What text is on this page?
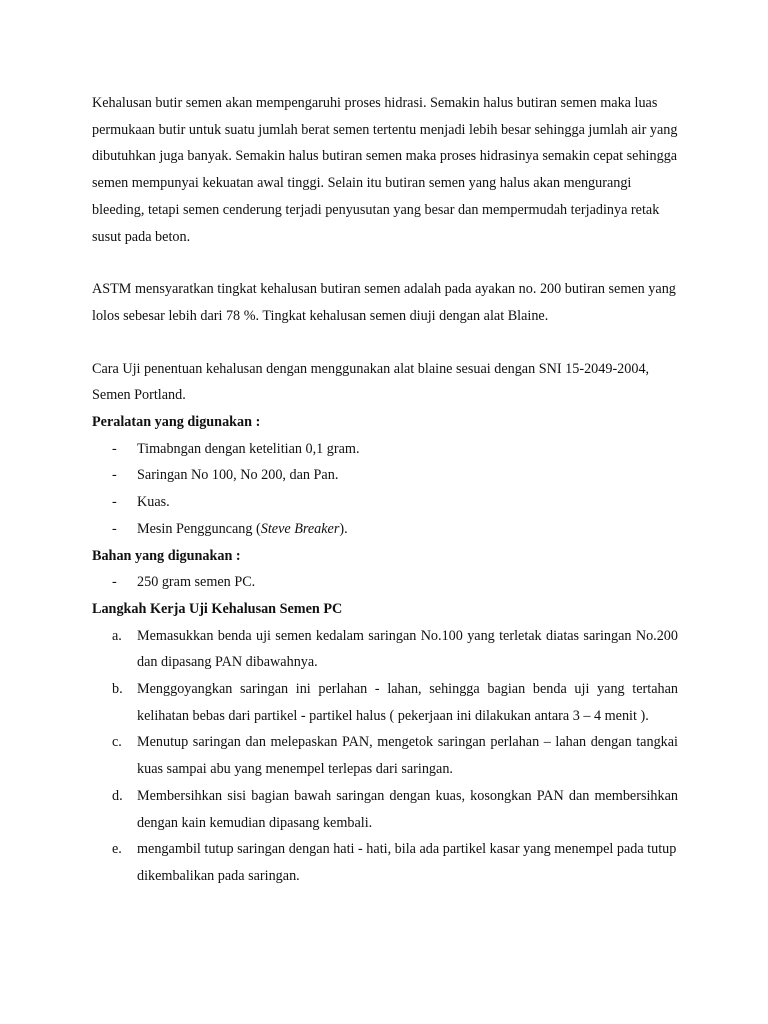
Kehalusan butir semen akan mempengaruhi proses hidrasi. Semakin halus butiran semen maka luas permukaan butir untuk suatu jumlah berat semen tertentu menjadi lebih besar sehingga jumlah air yang dibutuhkan juga banyak. Semakin halus butiran semen maka proses hidrasinya semakin cepat sehingga semen mempunyai kekuatan awal tinggi. Selain itu butiran semen yang halus akan mengurangi bleeding, tetapi semen cenderung terjadi penyusutan yang besar dan mempermudah terjadinya retak susut pada beton.

ASTM mensyaratkan tingkat kehalusan butiran semen adalah pada ayakan no. 200 butiran semen yang lolos sebesar lebih dari 78 %. Tingkat kehalusan semen diuji dengan alat Blaine.

Cara Uji penentuan kehalusan dengan menggunakan alat blaine sesuai dengan SNI 15-2049-2004, Semen Portland.

Peralatan yang digunakan :

- Timabngan dengan ketelitian 0,1 gram.
- Saringan No 100, No 200, dan Pan.
- Kuas.
- Mesin Pengguncang (Steve Breaker).

Bahan yang digunakan :

- 250 gram semen PC.

Langkah Kerja Uji Kehalusan Semen PC

a. Memasukkan benda uji semen kedalam saringan No.100 yang terletak diatas saringan No.200 dan dipasang PAN dibawahnya.
b. Menggoyangkan saringan ini perlahan - lahan, sehingga bagian benda uji yang tertahan kelihatan bebas dari partikel - partikel halus ( pekerjaan ini dilakukan antara 3 – 4 menit ).
c. Menutup saringan dan melepaskan PAN, mengetok saringan perlahan – lahan dengan tangkai kuas sampai abu yang menempel terlepas dari saringan.
d. Membersihkan sisi bagian bawah saringan dengan kuas, kosongkan PAN dan membersihkan dengan kain kemudian dipasang kembali.
e. mengambil tutup saringan dengan hati - hati, bila ada partikel kasar yang menempel pada tutup dikembalikan pada saringan.
